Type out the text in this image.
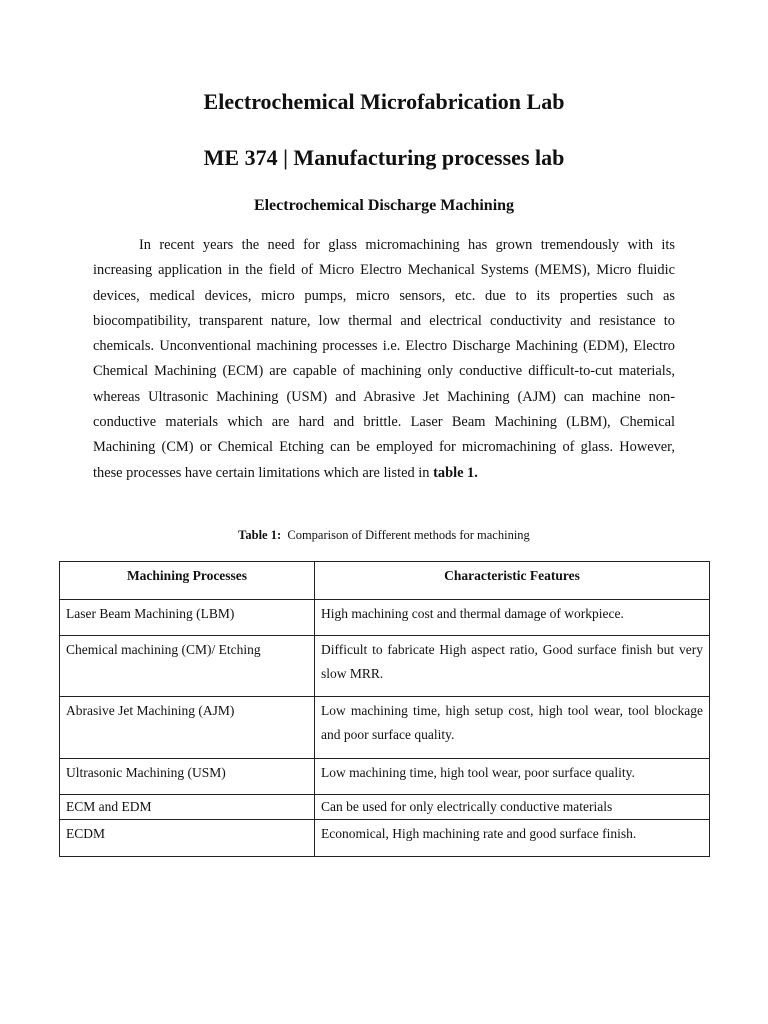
Electrochemical Microfabrication Lab
ME 374 | Manufacturing processes lab
Electrochemical Discharge Machining

In recent years the need for glass micromachining has grown tremendously with its increasing application in the field of Micro Electro Mechanical Systems (MEMS), Micro fluidic devices, medical devices, micro pumps, micro sensors, etc. due to its properties such as biocompatibility, transparent nature, low thermal and electrical conductivity and resistance to chemicals. Unconventional machining processes i.e. Electro Discharge Machining (EDM), Electro Chemical Machining (ECM) are capable of machining only conductive difficult-to-cut materials, whereas Ultrasonic Machining (USM) and Abrasive Jet Machining (AJM) can machine non-conductive materials which are hard and brittle. Laser Beam Machining (LBM), Chemical Machining (CM) or Chemical Etching can be employed for micromachining of glass. However, these processes have certain limitations which are listed in table 1.

Table 1: Comparison of Different methods for machining
Machining Processes	Characteristic Features
Laser Beam Machining (LBM)	High machining cost and thermal damage of workpiece.
Chemical machining (CM)/ Etching	Difficult to fabricate High aspect ratio, Good surface finish but very slow MRR.
Abrasive Jet Machining (AJM)	Low machining time, high setup cost, high tool wear, tool blockage and poor surface quality.
Ultrasonic Machining (USM)	Low machining time, high tool wear, poor surface quality.
ECM and EDM	Can be used for only electrically conductive materials
ECDM	Economical, High machining rate and good surface finish.
